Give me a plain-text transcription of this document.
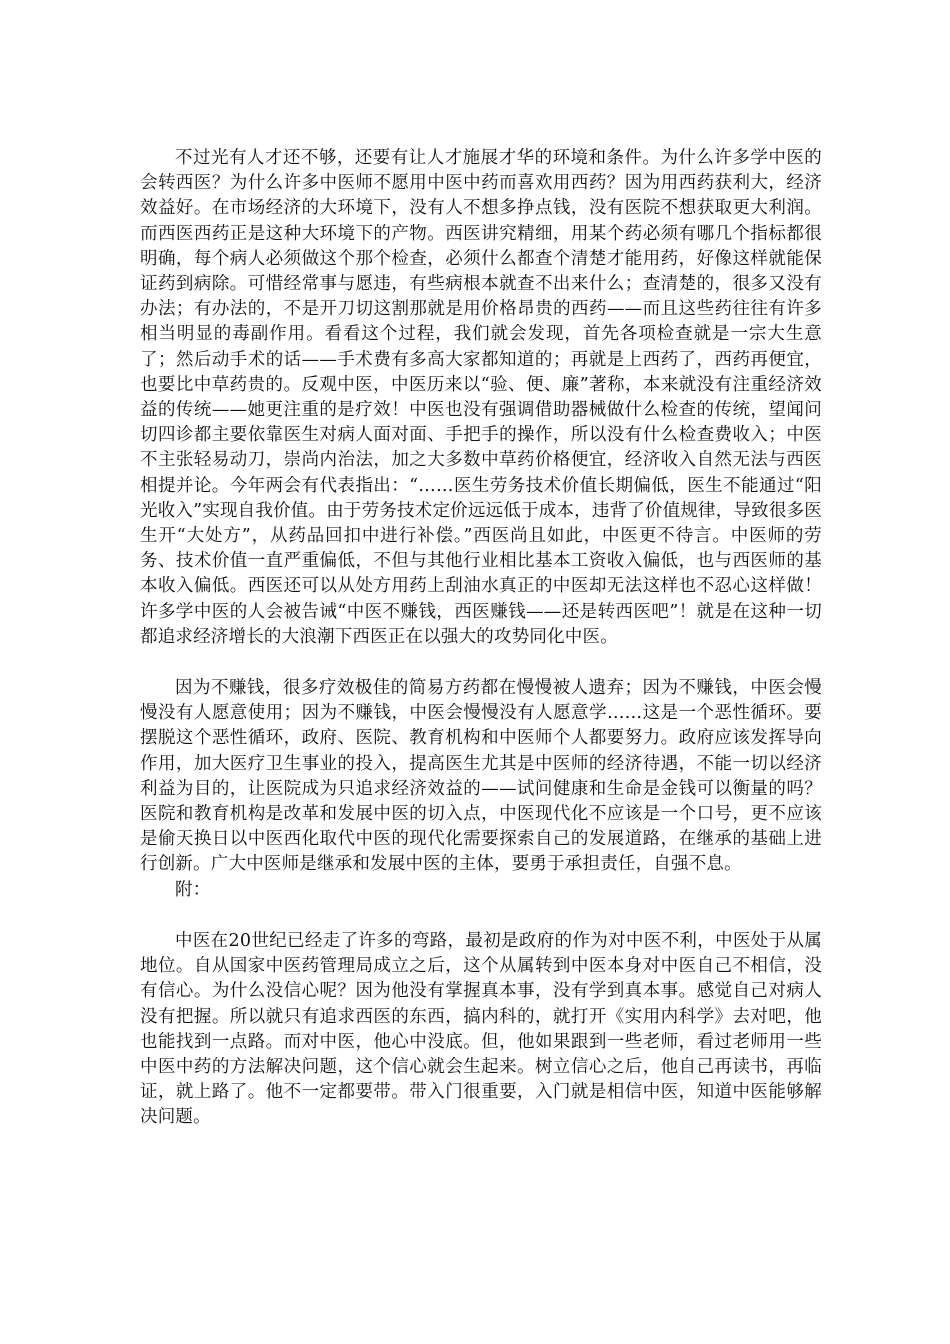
不过光有人才还不够，还要有让人才施展才华的环境和条件。为什么许多学中医的会转西医？为什么许多中医师不愿用中医中药而喜欢用西药？因为用西药获利大，经济效益好。在市场经济的大环境下，没有人不想多挣点钱，没有医院不想获取更大利润。而西医西药正是这种大环境下的产物。西医讲究精细，用某个药必须有哪几个指标都很明确，每个病人必须做这个那个检查，必须什么都查个清楚才能用药，好像这样就能保证药到病除。可惜经常事与愿违，有些病根本就查不出来什么；查清楚的，很多又没有办法；有办法的，不是开刀切这割那就是用价格昂贵的西药——而且这些药往往有许多相当明显的毒副作用。看看这个过程，我们就会发现，首先各项检查就是一宗大生意了；然后动手术的话——手术费有多高大家都知道的；再就是上西药了，西药再便宜，也要比中草药贵的。反观中医，中医历来以“验、便、廉”著称，本来就没有注重经济效益的传统——她更注重的是疗效！中医也没有强调借助器械做什么检查的传统，望闻问切四诊都主要依靠医生对病人面对面、手把手的操作，所以没有什么检查费收入；中医不主张轻易动刀，崇尚内治法，加之大多数中草药价格便宜，经济收入自然无法与西医相提并论。今年两会有代表指出：“……医生劳务技术价值长期偏低，医生不能通过“阳光收入”实现自我价值。由于劳务技术定价远远低于成本，违背了价值规律，导致很多医生开“大处方”，从药品回扣中进行补偿。”西医尚且如此，中医更不待言。中医师的劳务、技术价值一直严重偏低，不但与其他行业相比基本工资收入偏低，也与西医师的基本收入偏低。西医还可以从处方用药上刮油水真正的中医却无法这样也不忍心这样做！许多学中医的人会被告诫“中医不赚钱，西医赚钱——还是转西医吧”！就是在这种一切都追求经济增长的大浪潮下西医正在以强大的攻势同化中医。

因为不赚钱，很多疗效极佳的简易方药都在慢慢被人遗弃；因为不赚钱，中医会慢慢没有人愿意使用；因为不赚钱，中医会慢慢没有人愿意学……这是一个恶性循环。要摆脱这个恶性循环，政府、医院、教育机构和中医师个人都要努力。政府应该发挥导向作用，加大医疗卫生事业的投入，提高医生尤其是中医师的经济待遇，不能一切以经济利益为目的，让医院成为只追求经济效益的——试问健康和生命是金钱可以衡量的吗？医院和教育机构是改革和发展中医的切入点，中医现代化不应该是一个口号，更不应该是偷天换日以中医西化取代中医的现代化需要探索自己的发展道路，在继承的基础上进行创新。广大中医师是继承和发展中医的主体，要勇于承担责任，自强不息。

附：

中医在20世纪已经走了许多的弯路，最初是政府的作为对中医不利，中医处于从属地位。自从国家中医药管理局成立之后，这个从属转到中医本身对中医自己不相信，没有信心。为什么没信心呢？因为他没有掌握真本事，没有学到真本事。感觉自己对病人没有把握。所以就只有追求西医的东西，搞内科的，就打开《实用内科学》去对吧，他也能找到一点路。而对中医，他心中没底。但，他如果跟到一些老师，看过老师用一些中医中药的方法解决问题，这个信心就会生起来。树立信心之后，他自己再读书，再临证，就上路了。他不一定都要带。带入门很重要，入门就是相信中医，知道中医能够解决问题。
